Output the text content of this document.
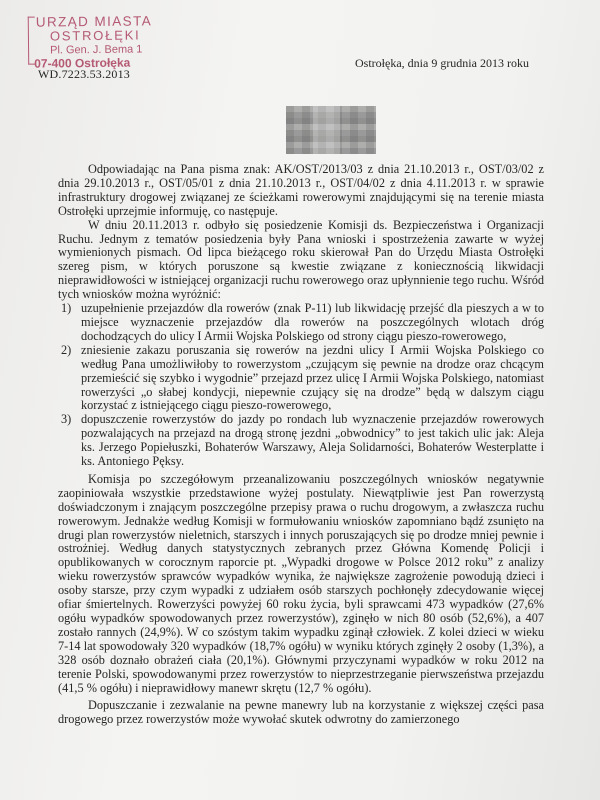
URZĄD MIASTA
OSTROŁĘKI
Pl. Gen. J. Bema 1
07-400 Ostrołęka
WD.7223.53.2013
Ostrołęka, dnia 9 grudnia 2013 roku

Odpowiadając na Pana pisma znak: AK/OST/2013/03 z dnia 21.10.2013 r., OST/03/02 z dnia 29.10.2013 r., OST/05/01 z dnia 21.10.2013 r., OST/04/02 z dnia 4.11.2013 r. w sprawie infrastruktury drogowej związanej ze ścieżkami rowerowymi znajdującymi się na terenie miasta Ostrołęki uprzejmie informuję, co następuje.

W dniu 20.11.2013 r. odbyło się posiedzenie Komisji ds. Bezpieczeństwa i Organizacji Ruchu. Jednym z tematów posiedzenia były Pana wnioski i spostrzeżenia zawarte w wyżej wymienionych pismach. Od lipca bieżącego roku skierował Pan do Urzędu Miasta Ostrołęki szereg pism, w których poruszone są kwestie związane z koniecznością likwidacji nieprawidłowości w istniejącej organizacji ruchu rowerowego oraz upłynnienie tego ruchu. Wśród tych wniosków można wyróżnić:

1) uzupełnienie przejazdów dla rowerów (znak P-11) lub likwidację przejść dla pieszych a w to miejsce wyznaczenie przejazdów dla rowerów na poszczególnych wlotach dróg dochodzących do ulicy I Armii Wojska Polskiego od strony ciągu pieszo-rowerowego,
2) zniesienie zakazu poruszania się rowerów na jezdni ulicy I Armii Wojska Polskiego co według Pana umożliwiłoby to rowerzystom „czującym się pewnie na drodze oraz chcącym przemieścić się szybko i wygodnie” przejazd przez ulicę I Armii Wojska Polskiego, natomiast rowerzyści „o słabej kondycji, niepewnie czujący się na drodze” będą w dalszym ciągu korzystać z istniejącego ciągu pieszo-rowerowego,
3) dopuszczenie rowerzystów do jazdy po rondach lub wyznaczenie przejazdów rowerowych pozwalających na przejazd na drogą stronę jezdni „obwodnicy” to jest takich ulic jak: Aleja ks. Jerzego Popiełuszki, Bohaterów Warszawy, Aleja Solidarności, Bohaterów Westerplatte i ks. Antoniego Pęksy.

Komisja po szczegółowym przeanalizowaniu poszczególnych wniosków negatywnie zaopiniowała wszystkie przedstawione wyżej postulaty. Niewątpliwie jest Pan rowerzystą doświadczonym i znającym poszczególne przepisy prawa o ruchu drogowym, a zwłaszcza ruchu rowerowym. Jednakże według Komisji w formułowaniu wniosków zapomniano bądź zsunięto na drugi plan rowerzystów nieletnich, starszych i innych poruszających się po drodze mniej pewnie i ostrożniej. Według danych statystycznych zebranych przez Główna Komendę Policji i opublikowanych w corocznym raporcie pt. „Wypadki drogowe w Polsce 2012 roku” z analizy wieku rowerzystów sprawców wypadków wynika, że największe zagrożenie powodują dzieci i osoby starsze, przy czym wypadki z udziałem osób starszych pochłonęły zdecydowanie więcej ofiar śmiertelnych. Rowerzyści powyżej 60 roku życia, byli sprawcami 473 wypadków (27,6% ogółu wypadków spowodowanych przez rowerzystów), zginęło w nich 80 osób (52,6%), a 407 zostało rannych (24,9%). W co szóstym takim wypadku zginął człowiek. Z kolei dzieci w wieku 7-14 lat spowodowały 320 wypadków (18,7% ogółu) w wyniku których zginęły 2 osoby (1,3%), a 328 osób doznało obrażeń ciała (20,1%). Głównymi przyczynami wypadków w roku 2012 na terenie Polski, spowodowanymi przez rowerzystów to nieprzestrzeganie pierwszeństwa przejazdu (41,5 % ogółu) i nieprawidłowy manewr skrętu (12,7 % ogółu).

Dopuszczanie i zezwalanie na pewne manewry lub na korzystanie z większej części pasa drogowego przez rowerzystów może wywołać skutek odwrotny do zamierzonego
